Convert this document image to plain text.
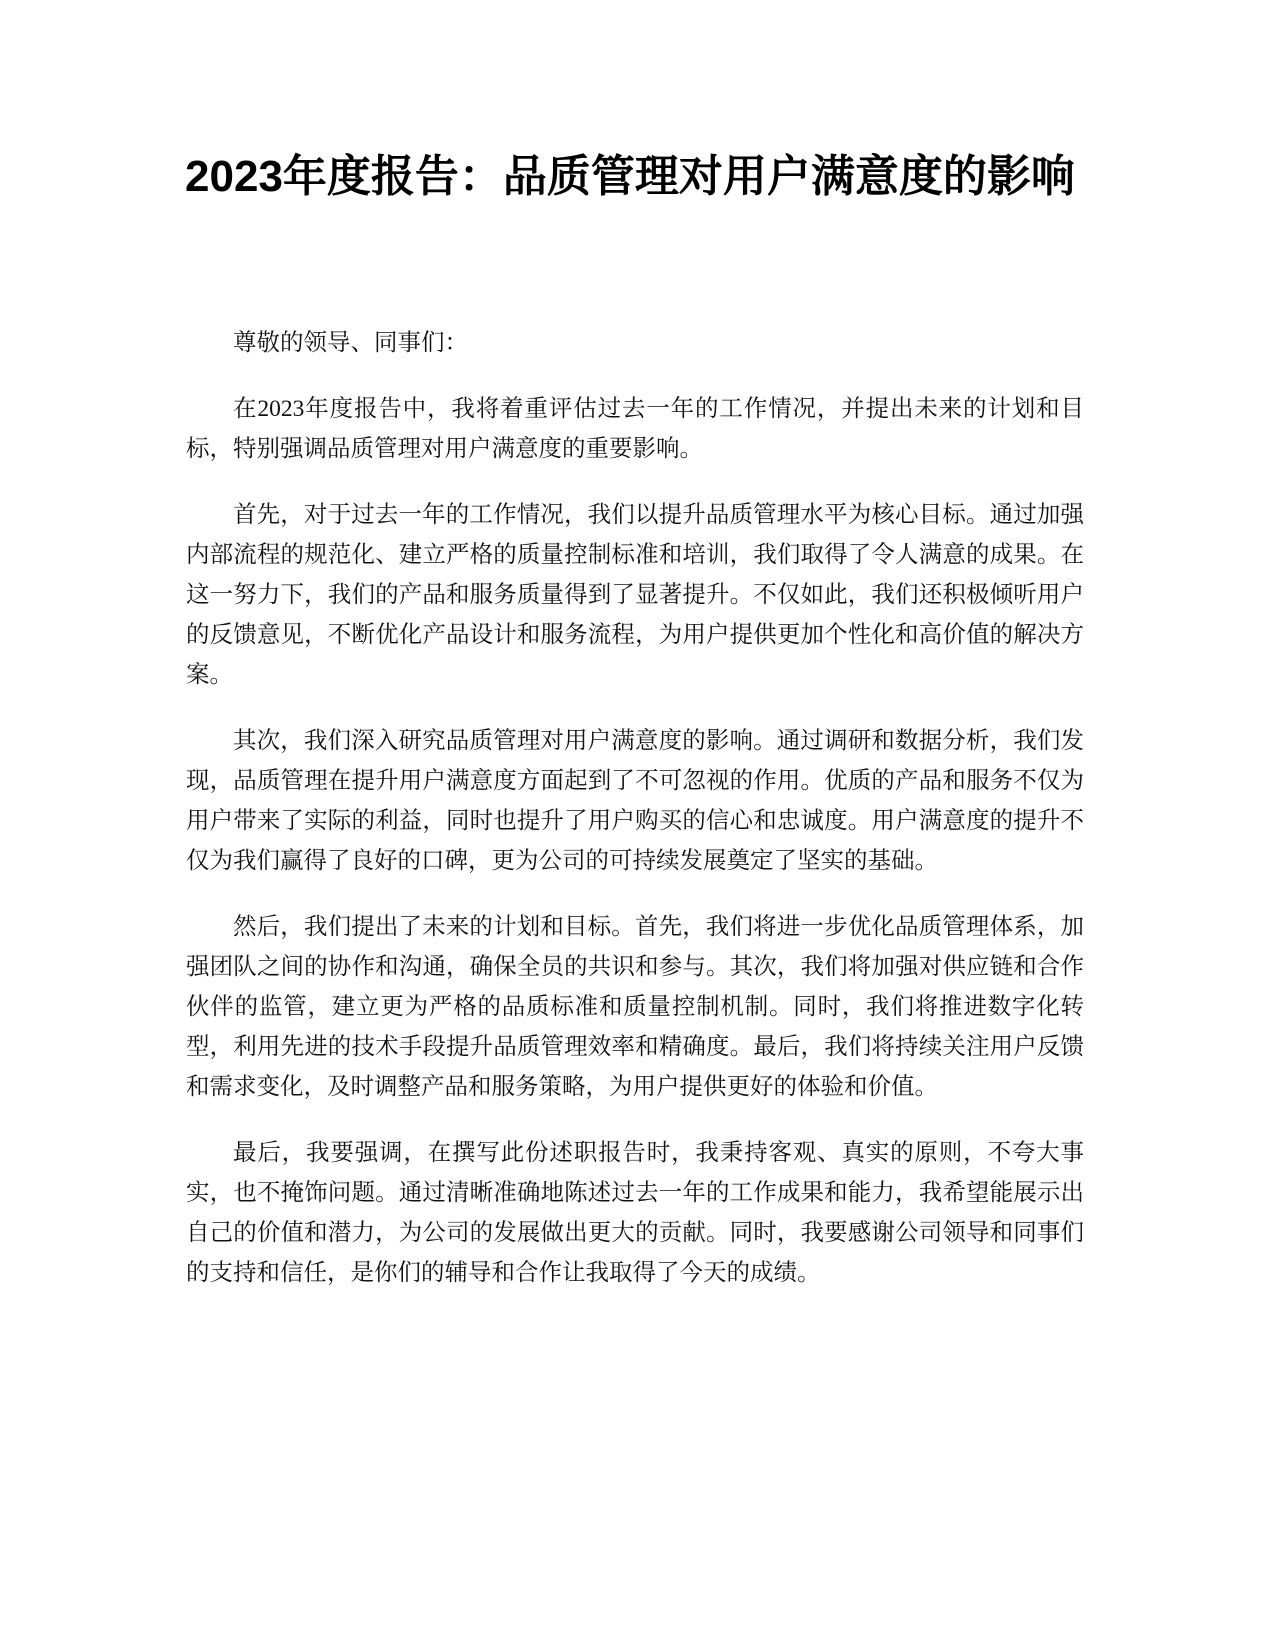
2023年度报告：品质管理对用户满意度的影响

尊敬的领导、同事们：

在2023年度报告中，我将着重评估过去一年的工作情况，并提出未来的计划和目标，特别强调品质管理对用户满意度的重要影响。

首先，对于过去一年的工作情况，我们以提升品质管理水平为核心目标。通过加强内部流程的规范化、建立严格的质量控制标准和培训，我们取得了令人满意的成果。在这一努力下，我们的产品和服务质量得到了显著提升。不仅如此，我们还积极倾听用户的反馈意见，不断优化产品设计和服务流程，为用户提供更加个性化和高价值的解决方案。

其次，我们深入研究品质管理对用户满意度的影响。通过调研和数据分析，我们发现，品质管理在提升用户满意度方面起到了不可忽视的作用。优质的产品和服务不仅为用户带来了实际的利益，同时也提升了用户购买的信心和忠诚度。用户满意度的提升不仅为我们赢得了良好的口碑，更为公司的可持续发展奠定了坚实的基础。

然后，我们提出了未来的计划和目标。首先，我们将进一步优化品质管理体系，加强团队之间的协作和沟通，确保全员的共识和参与。其次，我们将加强对供应链和合作伙伴的监管，建立更为严格的品质标准和质量控制机制。同时，我们将推进数字化转型，利用先进的技术手段提升品质管理效率和精确度。最后，我们将持续关注用户反馈和需求变化，及时调整产品和服务策略，为用户提供更好的体验和价值。

最后，我要强调，在撰写此份述职报告时，我秉持客观、真实的原则，不夸大事实，也不掩饰问题。通过清晰准确地陈述过去一年的工作成果和能力，我希望能展示出自己的价值和潜力，为公司的发展做出更大的贡献。同时，我要感谢公司领导和同事们的支持和信任，是你们的辅导和合作让我取得了今天的成绩。
